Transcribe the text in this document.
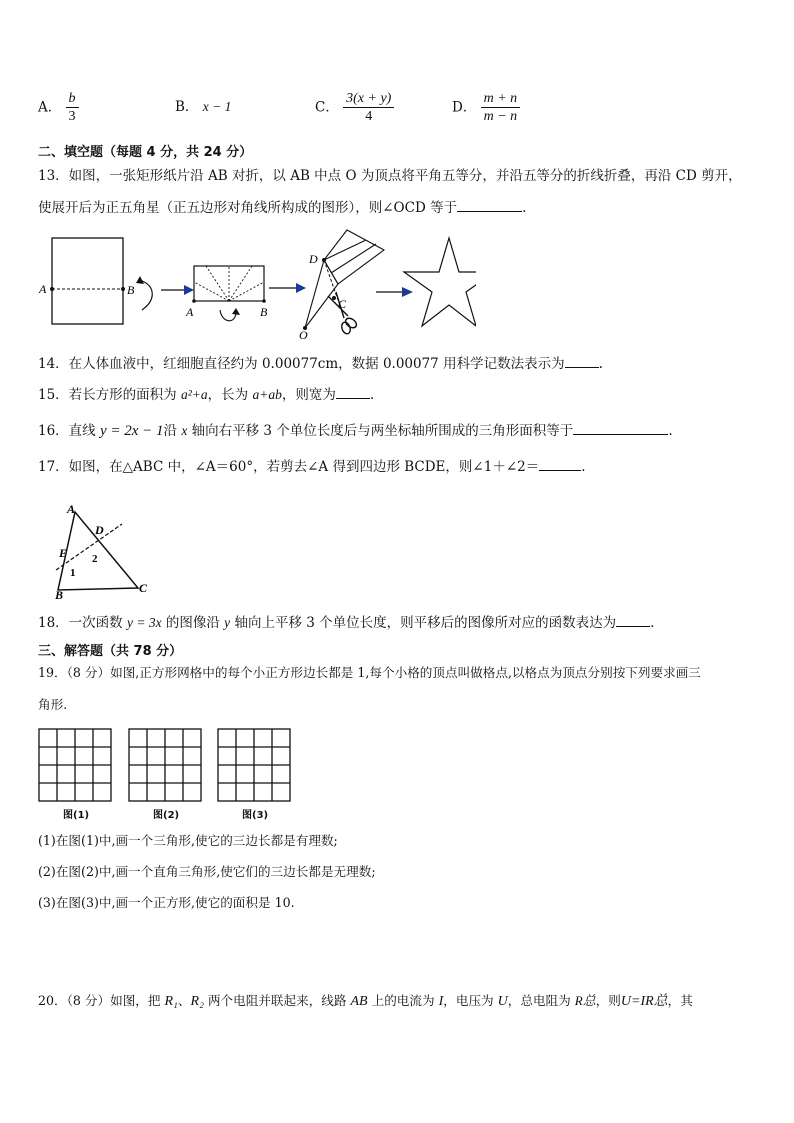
A． $\frac{b}{3}$	B． x − 1	C． $\frac{3(x + y)}{4}$	D． $\frac{m + n}{m - n}$
二、填空题（每题 4 分，共 24 分）
13．如图，一张矩形纸片沿 AB 对折，以 AB 中点 O 为顶点将平角五等分，并沿五等分的折线折叠，再沿 CD 剪开，
使展开后为正五角星（正五边形对角线所构成的图形），则∠OCD 等于	.
A	B
A	B
D
C
O
14．在人体血液中，红细胞直径约为 0.00077cm，数据 0.00077 用科学记数法表示为	.
15．若长方形的面积为 a²+a，长为 a+ab，则宽为	.
16．直线 y = 2x − 1沿 x 轴向右平移 3 个单位长度后与两坐标轴所围成的三角形面积等于	.
17．如图，在△ABC 中，∠A＝60°，若剪去∠A 得到四边形 BCDE，则∠1＋∠2＝	.
A
B	C
D
E
1
2
18．一次函数 y = 3x 的图像沿 y 轴向上平移 3 个单位长度，则平移后的图像所对应的函数表达为	.
三、解答题（共 78 分）
19．（8 分）如图,正方形网格中的每个小正方形边长都是 1,每个小格的顶点叫做格点,以格点为顶点分别按下列要求画三
角形.
图(1)	图(2)	图(3)
(1)在图(1)中,画一个三角形,使它的三边长都是有理数;
(2)在图(2)中,画一个直角三角形,使它们的三边长都是无理数;
(3)在图(3)中,画一个正方形,使它的面积是 10.
20．（8 分）如图，把 R₁、R₂ 两个电阻并联起来，线路 AB 上的电流为 I，电压为 U，总电阻为 R总，则U=IR总，其
